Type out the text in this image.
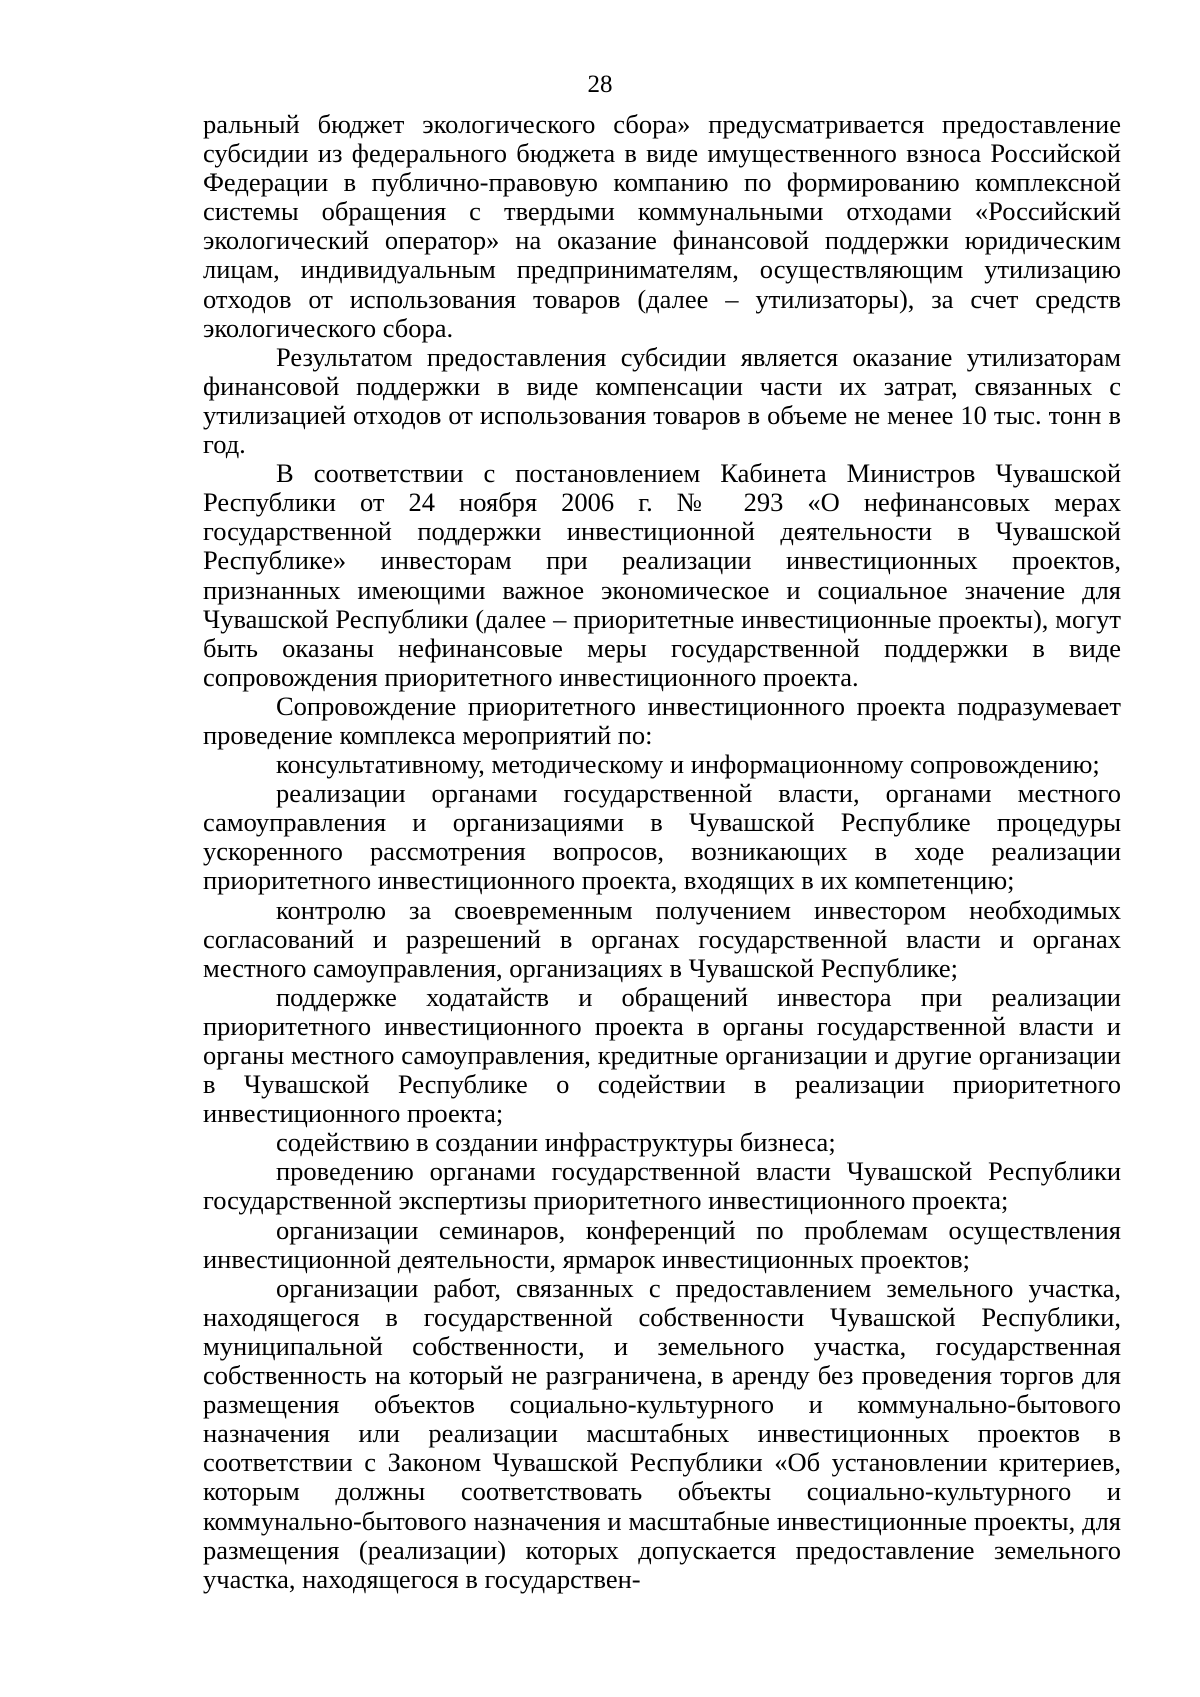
28

ральный бюджет экологического сбора» предусматривается предоставление субсидии из федерального бюджета в виде имущественного взноса Российской Федерации в публично-правовую компанию по формированию комплексной системы обращения с твердыми коммунальными отходами «Российский экологический оператор» на оказание финансовой поддержки юридическим лицам, индивидуальным предпринимателям, осуществляющим утилизацию отходов от использования товаров (далее – утилизаторы), за счет средств экологического сбора.

Результатом предоставления субсидии является оказание утилизаторам финансовой поддержки в виде компенсации части их затрат, связанных с утилизацией отходов от использования товаров в объеме не менее 10 тыс. тонн в год.

В соответствии с постановлением Кабинета Министров Чувашской Республики от 24 ноября 2006 г. № 293 «О нефинансовых мерах государственной поддержки инвестиционной деятельности в Чувашской Республике» инвесторам при реализации инвестиционных проектов, признанных имеющими важное экономическое и социальное значение для Чувашской Республики (далее – приоритетные инвестиционные проекты), могут быть оказаны нефинансовые меры государственной поддержки в виде сопровождения приоритетного инвестиционного проекта.

Сопровождение приоритетного инвестиционного проекта подразумевает проведение комплекса мероприятий по:

консультативному, методическому и информационному сопровождению;

реализации органами государственной власти, органами местного самоуправления и организациями в Чувашской Республике процедуры ускоренного рассмотрения вопросов, возникающих в ходе реализации приоритетного инвестиционного проекта, входящих в их компетенцию;

контролю за своевременным получением инвестором необходимых согласований и разрешений в органах государственной власти и органах местного самоуправления, организациях в Чувашской Республике;

поддержке ходатайств и обращений инвестора при реализации приоритетного инвестиционного проекта в органы государственной власти и органы местного самоуправления, кредитные организации и другие организации в Чувашской Республике о содействии в реализации приоритетного инвестиционного проекта;

содействию в создании инфраструктуры бизнеса;

проведению органами государственной власти Чувашской Республики государственной экспертизы приоритетного инвестиционного проекта;

организации семинаров, конференций по проблемам осуществления инвестиционной деятельности, ярмарок инвестиционных проектов;

организации работ, связанных с предоставлением земельного участка, находящегося в государственной собственности Чувашской Республики, муниципальной собственности, и земельного участка, государственная собственность на который не разграничена, в аренду без проведения торгов для размещения объектов социально-культурного и коммунально-бытового назначения или реализации масштабных инвестиционных проектов в соответствии с Законом Чувашской Республики «Об установлении критериев, которым должны соответствовать объекты социально-культурного и коммунально-бытового назначения и масштабные инвестиционные проекты, для размещения (реализации) которых допускается предоставление земельного участка, находящегося в государствен-
